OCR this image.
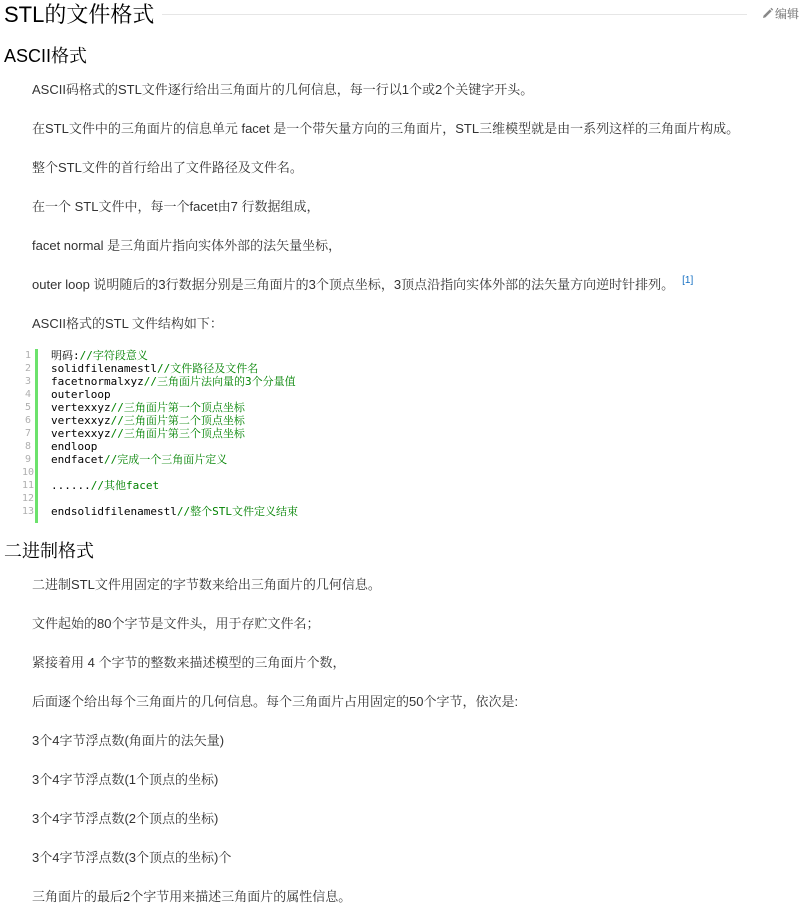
STL的文件格式	编辑
ASCII格式

ASCII码格式的STL文件逐行给出三角面片的几何信息，每一行以1个或2个关键字开头。

在STL文件中的三角面片的信息单元 facet 是一个带矢量方向的三角面片，STL三维模型就是由一系列这样的三角面片构成。

整个STL文件的首行给出了文件路径及文件名。

在一个 STL文件中，每一个facet由7 行数据组成，

facet normal 是三角面片指向实体外部的法矢量坐标，

outer loop 说明随后的3行数据分别是三角面片的3个顶点坐标，3顶点沿指向实体外部的法矢量方向逆时针排列。 [1]

ASCII格式的STL 文件结构如下：

1 明码://字符段意义
2 solidfilenamestl//文件路径及文件名
3 facetnormalxyz//三角面片法向量的3个分量值
4 outerloop
5 vertexxyz//三角面片第一个顶点坐标
6 vertexxyz//三角面片第二个顶点坐标
7 vertexxyz//三角面片第三个顶点坐标
8 endloop
9 endfacet//完成一个三角面片定义
10
11 ......//其他facet
12
13 endsolidfilenamestl//整个STL文件定义结束
二进制格式

二进制STL文件用固定的字节数来给出三角面片的几何信息。

文件起始的80个字节是文件头，用于存贮文件名；

紧接着用 4 个字节的整数来描述模型的三角面片个数，

后面逐个给出每个三角面片的几何信息。每个三角面片占用固定的50个字节，依次是:

3个4字节浮点数(角面片的法矢量)

3个4字节浮点数(1个顶点的坐标)

3个4字节浮点数(2个顶点的坐标)

3个4字节浮点数(3个顶点的坐标)个

三角面片的最后2个字节用来描述三角面片的属性信息。
